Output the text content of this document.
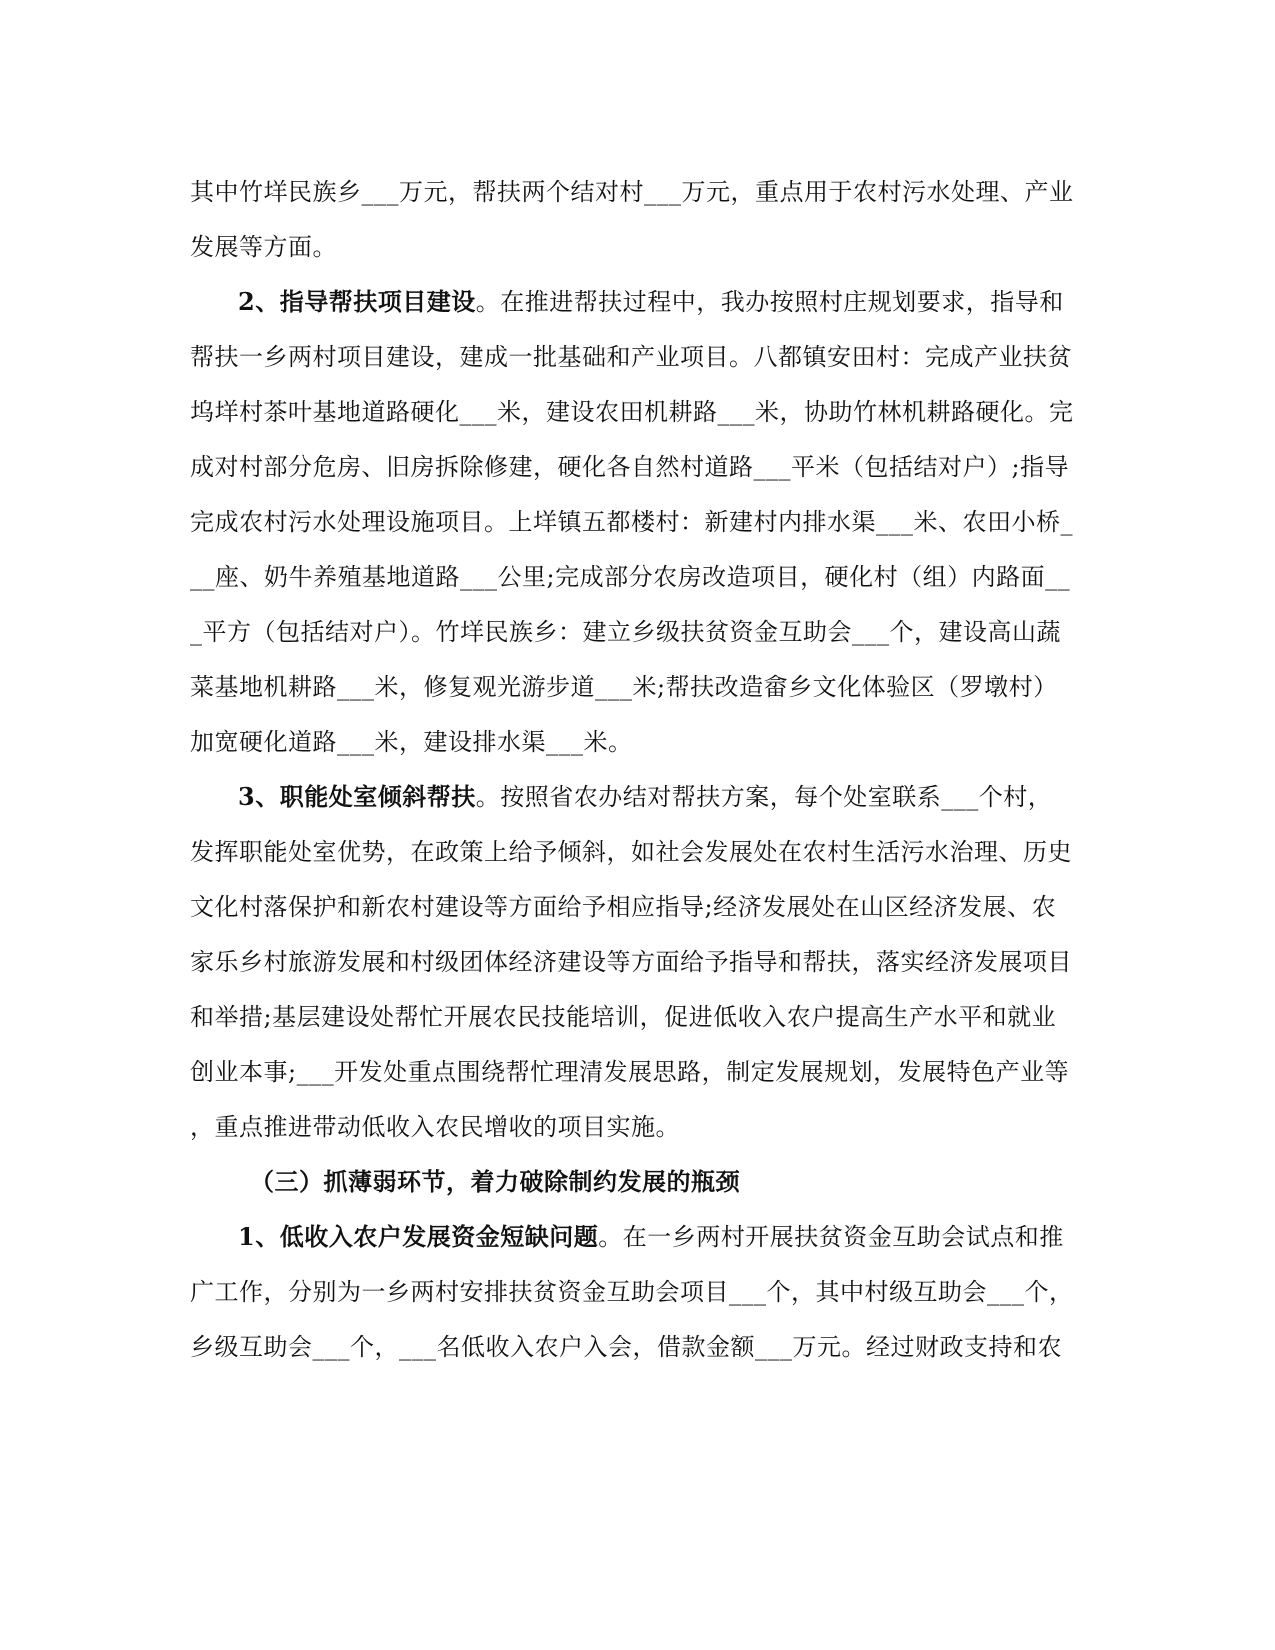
其中竹垟民族乡___万元，帮扶两个结对村___万元，重点用于农村污水处理、产业
发展等方面。
2、指导帮扶项目建设。在推进帮扶过程中，我办按照村庄规划要求，指导和
帮扶一乡两村项目建设，建成一批基础和产业项目。八都镇安田村：完成产业扶贫
坞垟村茶叶基地道路硬化___米，建设农田机耕路___米，协助竹林机耕路硬化。完
成对村部分危房、旧房拆除修建，硬化各自然村道路___平米（包括结对户）;指导
完成农村污水处理设施项目。上垟镇五都楼村：新建村内排水渠___米、农田小桥_
__座、奶牛养殖基地道路___公里;完成部分农房改造项目，硬化村（组）内路面__
_平方（包括结对户）。竹垟民族乡：建立乡级扶贫资金互助会___个，建设高山蔬
菜基地机耕路___米，修复观光游步道___米;帮扶改造畲乡文化体验区（罗墩村）
加宽硬化道路___米，建设排水渠___米。
3、职能处室倾斜帮扶。按照省农办结对帮扶方案，每个处室联系___个村，
发挥职能处室优势，在政策上给予倾斜，如社会发展处在农村生活污水治理、历史
文化村落保护和新农村建设等方面给予相应指导;经济发展处在山区经济发展、农
家乐乡村旅游发展和村级团体经济建设等方面给予指导和帮扶，落实经济发展项目
和举措;基层建设处帮忙开展农民技能培训，促进低收入农户提高生产水平和就业
创业本事;___开发处重点围绕帮忙理清发展思路，制定发展规划，发展特色产业等
，重点推进带动低收入农民增收的项目实施。
（三）抓薄弱环节，着力破除制约发展的瓶颈
1、低收入农户发展资金短缺问题。在一乡两村开展扶贫资金互助会试点和推
广工作，分别为一乡两村安排扶贫资金互助会项目___个，其中村级互助会___个，
乡级互助会___个，___名低收入农户入会，借款金额___万元。经过财政支持和农
